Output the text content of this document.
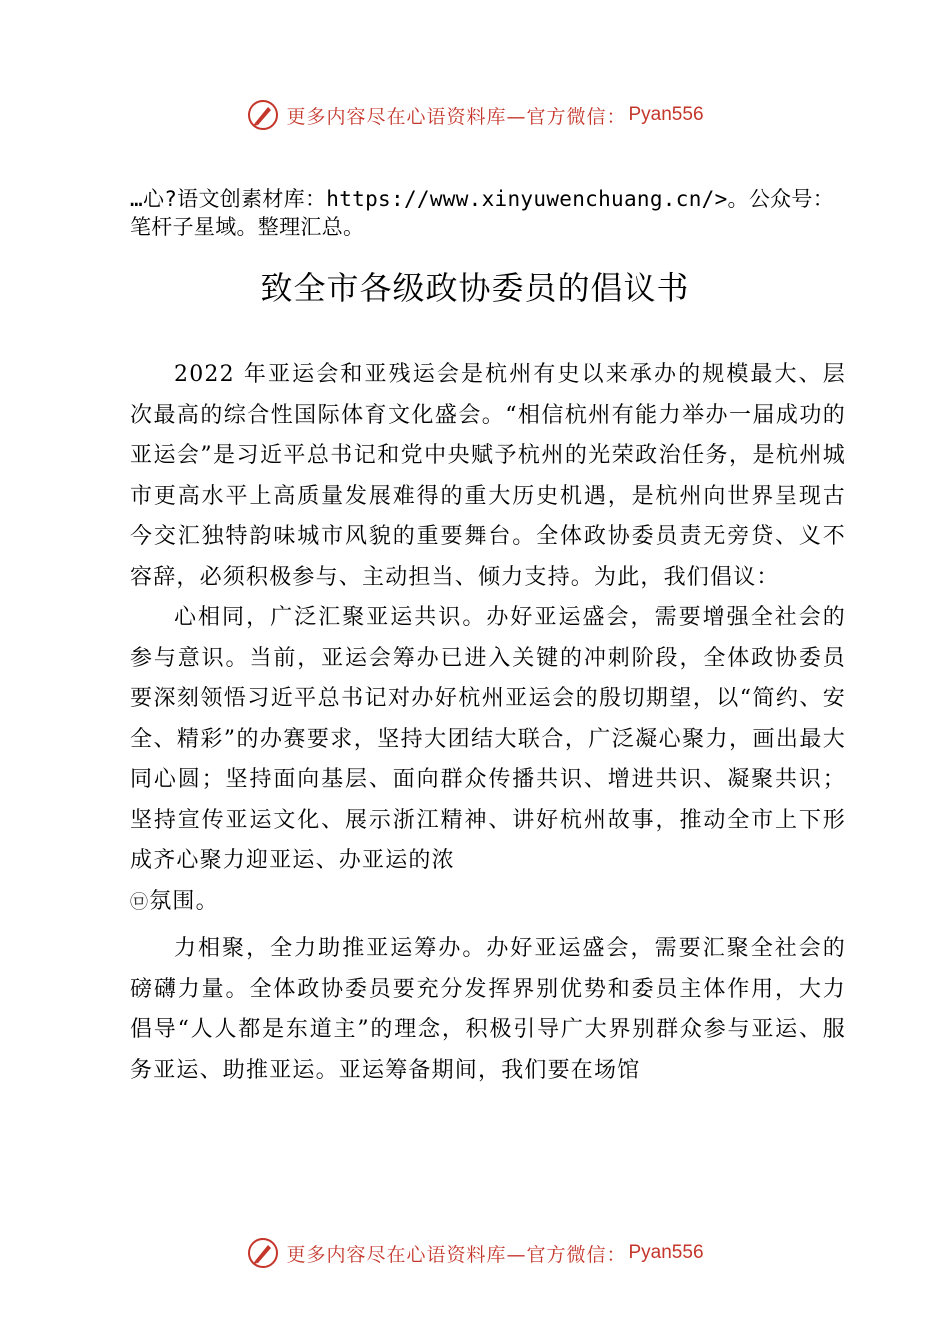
更多内容尽在心语资料库—官方微信： Pyan556
…心?语文创素材库：https://www.xinyuwenchuang.cn/>。公众号：笔杆子星域。整理汇总。
致全市各级政协委员的倡议书

2022 年亚运会和亚残运会是杭州有史以来承办的规模最大、层次最高的综合性国际体育文化盛会。“相信杭州有能力举办一届成功的亚运会”是习近平总书记和党中央赋予杭州的光荣政治任务，是杭州城市更高水平上高质量发展难得的重大历史机遇，是杭州向世界呈现古今交汇独特韵味城市风貌的重要舞台。全体政协委员责无旁贷、义不容辞，必须积极参与、主动担当、倾力支持。为此，我们倡议：

心相同，广泛汇聚亚运共识。办好亚运盛会，需要增强全社会的参与意识。当前，亚运会筹办已进入关键的冲刺阶段，全体政协委员要深刻领悟习近平总书记对办好杭州亚运会的殷切期望，以“简约、安全、精彩”的办赛要求，坚持大团结大联合，广泛凝心聚力，画出最大同心圆；坚持面向基层、面向群众传播共识、增进共识、凝聚共识；坚持宣传亚运文化、展示浙江精神、讲好杭州故事，推动全市上下形成齐心聚力迎亚运、办亚运的浓
㉤氛围。

力相聚，全力助推亚运筹办。办好亚运盛会，需要汇聚全社会的磅礴力量。全体政协委员要充分发挥界别优势和委员主体作用，大力倡导“人人都是东道主”的理念，积极引导广大界别群众参与亚运、服务亚运、助推亚运。亚运筹备期间，我们要在场馆

更多内容尽在心语资料库—官方微信： Pyan556
